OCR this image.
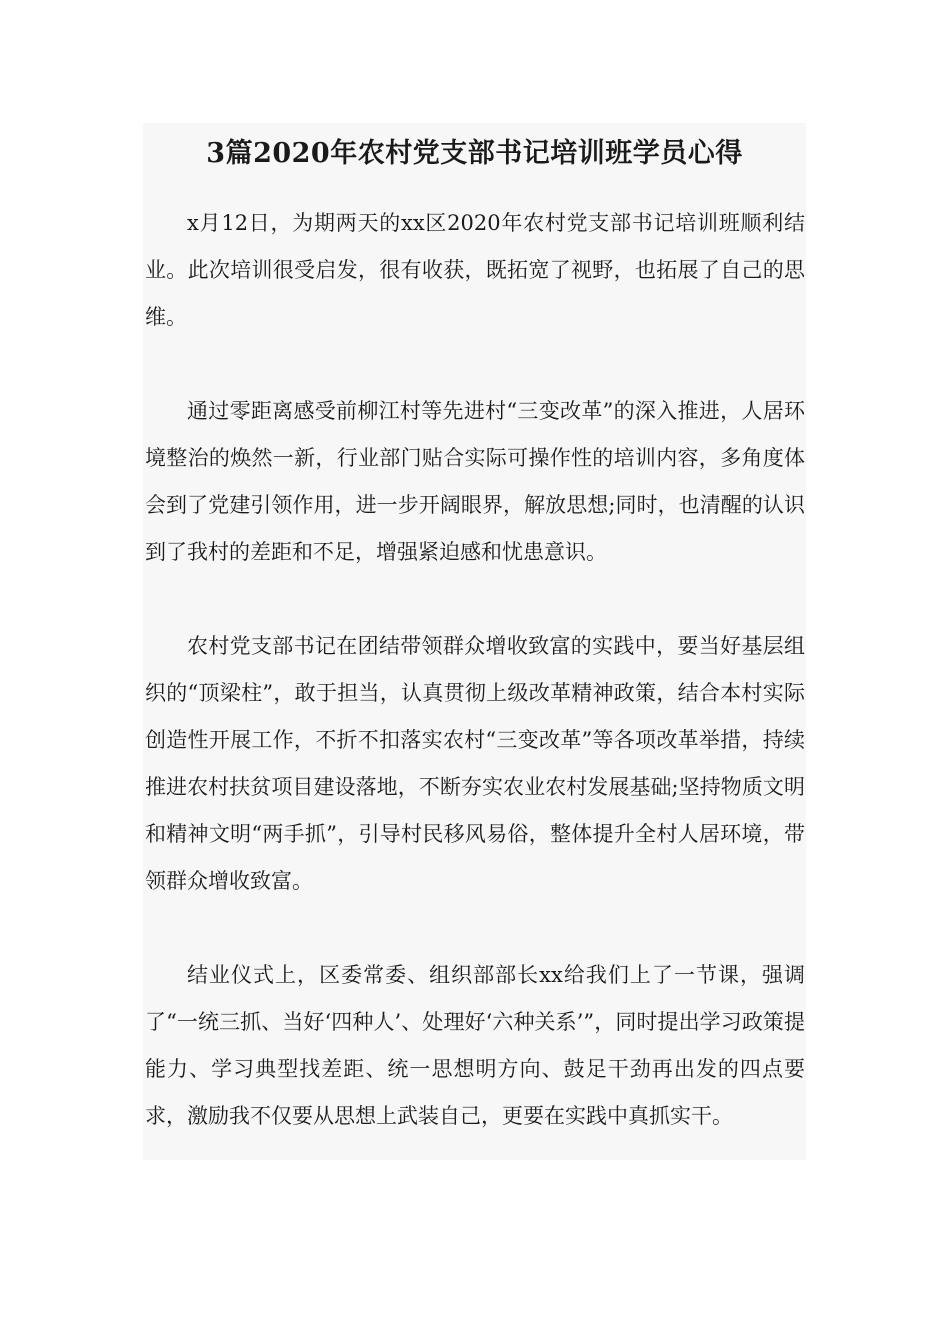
3篇2020年农村党支部书记培训班学员心得

x月12日，为期两天的xx区2020年农村党支部书记培训班顺利结业。此次培训很受启发，很有收获，既拓宽了视野，也拓展了自己的思维。

通过零距离感受前柳江村等先进村“三变改革”的深入推进，人居环境整治的焕然一新，行业部门贴合实际可操作性的培训内容，多角度体会到了党建引领作用，进一步开阔眼界，解放思想;同时，也清醒的认识到了我村的差距和不足，增强紧迫感和忧患意识。

农村党支部书记在团结带领群众增收致富的实践中，要当好基层组织的“顶梁柱”，敢于担当，认真贯彻上级改革精神政策，结合本村实际创造性开展工作，不折不扣落实农村“三变改革”等各项改革举措，持续推进农村扶贫项目建设落地，不断夯实农业农村发展基础;坚持物质文明和精神文明“两手抓”，引导村民移风易俗，整体提升全村人居环境，带领群众增收致富。

结业仪式上，区委常委、组织部部长xx给我们上了一节课，强调了“一统三抓、当好‘四种人’、处理好‘六种关系’”，同时提出学习政策提能力、学习典型找差距、统一思想明方向、鼓足干劲再出发的四点要求，激励我不仅要从思想上武装自己，更要在实践中真抓实干。
